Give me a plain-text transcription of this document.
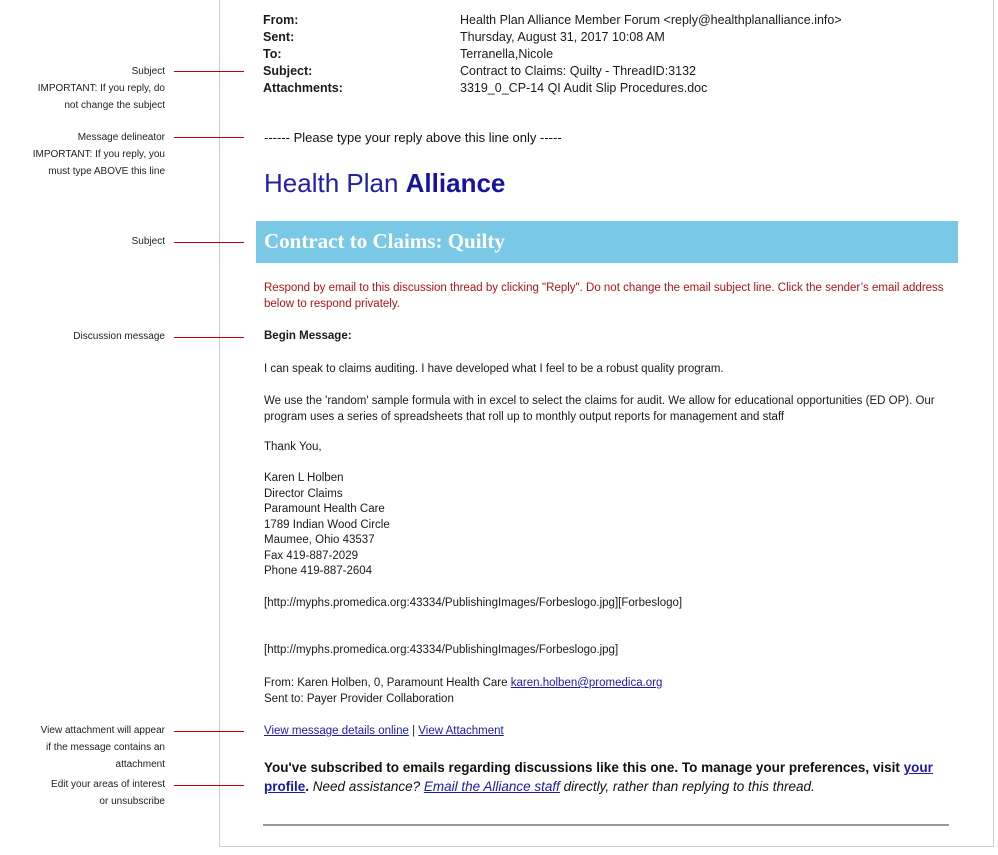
Subject
IMPORTANT: If you reply, do
not change the subject
Message delineator
IMPORTANT: If you reply, you
must type ABOVE this line
Subject
Discussion message
View attachment will appear
if the message contains an
attachment
Edit your areas of interest
or unsubscribe
From:	Health Plan Alliance Member Forum <reply@healthplanalliance.info>
Sent:	Thursday, August 31, 2017 10:08 AM
To:	Terranella,Nicole
Subject:	Contract to Claims: Quilty - ThreadID:3132
Attachments:	3319_0_CP-14 QI Audit Slip Procedures.doc
------ Please type your reply above this line only -----
Health Plan Alliance
Contract to Claims: Quilty
Respond by email to this discussion thread by clicking "Reply". Do not change the email subject line. Click the sender’s email address below to respond privately.
Begin Message:
I can speak to claims auditing. I have developed what I feel to be a robust quality program.
We use the 'random' sample formula with in excel to select the claims for audit. We allow for educational opportunities (ED OP). Our program uses a series of spreadsheets that roll up to monthly output reports for management and staff
Thank You,
Karen L Holben
Director Claims
Paramount Health Care
1789 Indian Wood Circle
Maumee, Ohio 43537
Fax 419-887-2029
Phone 419-887-2604
[http://myphs.promedica.org:43334/PublishingImages/Forbeslogo.jpg][Forbeslogo]
[http://myphs.promedica.org:43334/PublishingImages/Forbeslogo.jpg]
From: Karen Holben, 0, Paramount Health Care karen.holben@promedica.org
Sent to: Payer Provider Collaboration
View message details online | View Attachment
You've subscribed to emails regarding discussions like this one. To manage your preferences, visit your profile. Need assistance? Email the Alliance staff directly, rather than replying to this thread.
